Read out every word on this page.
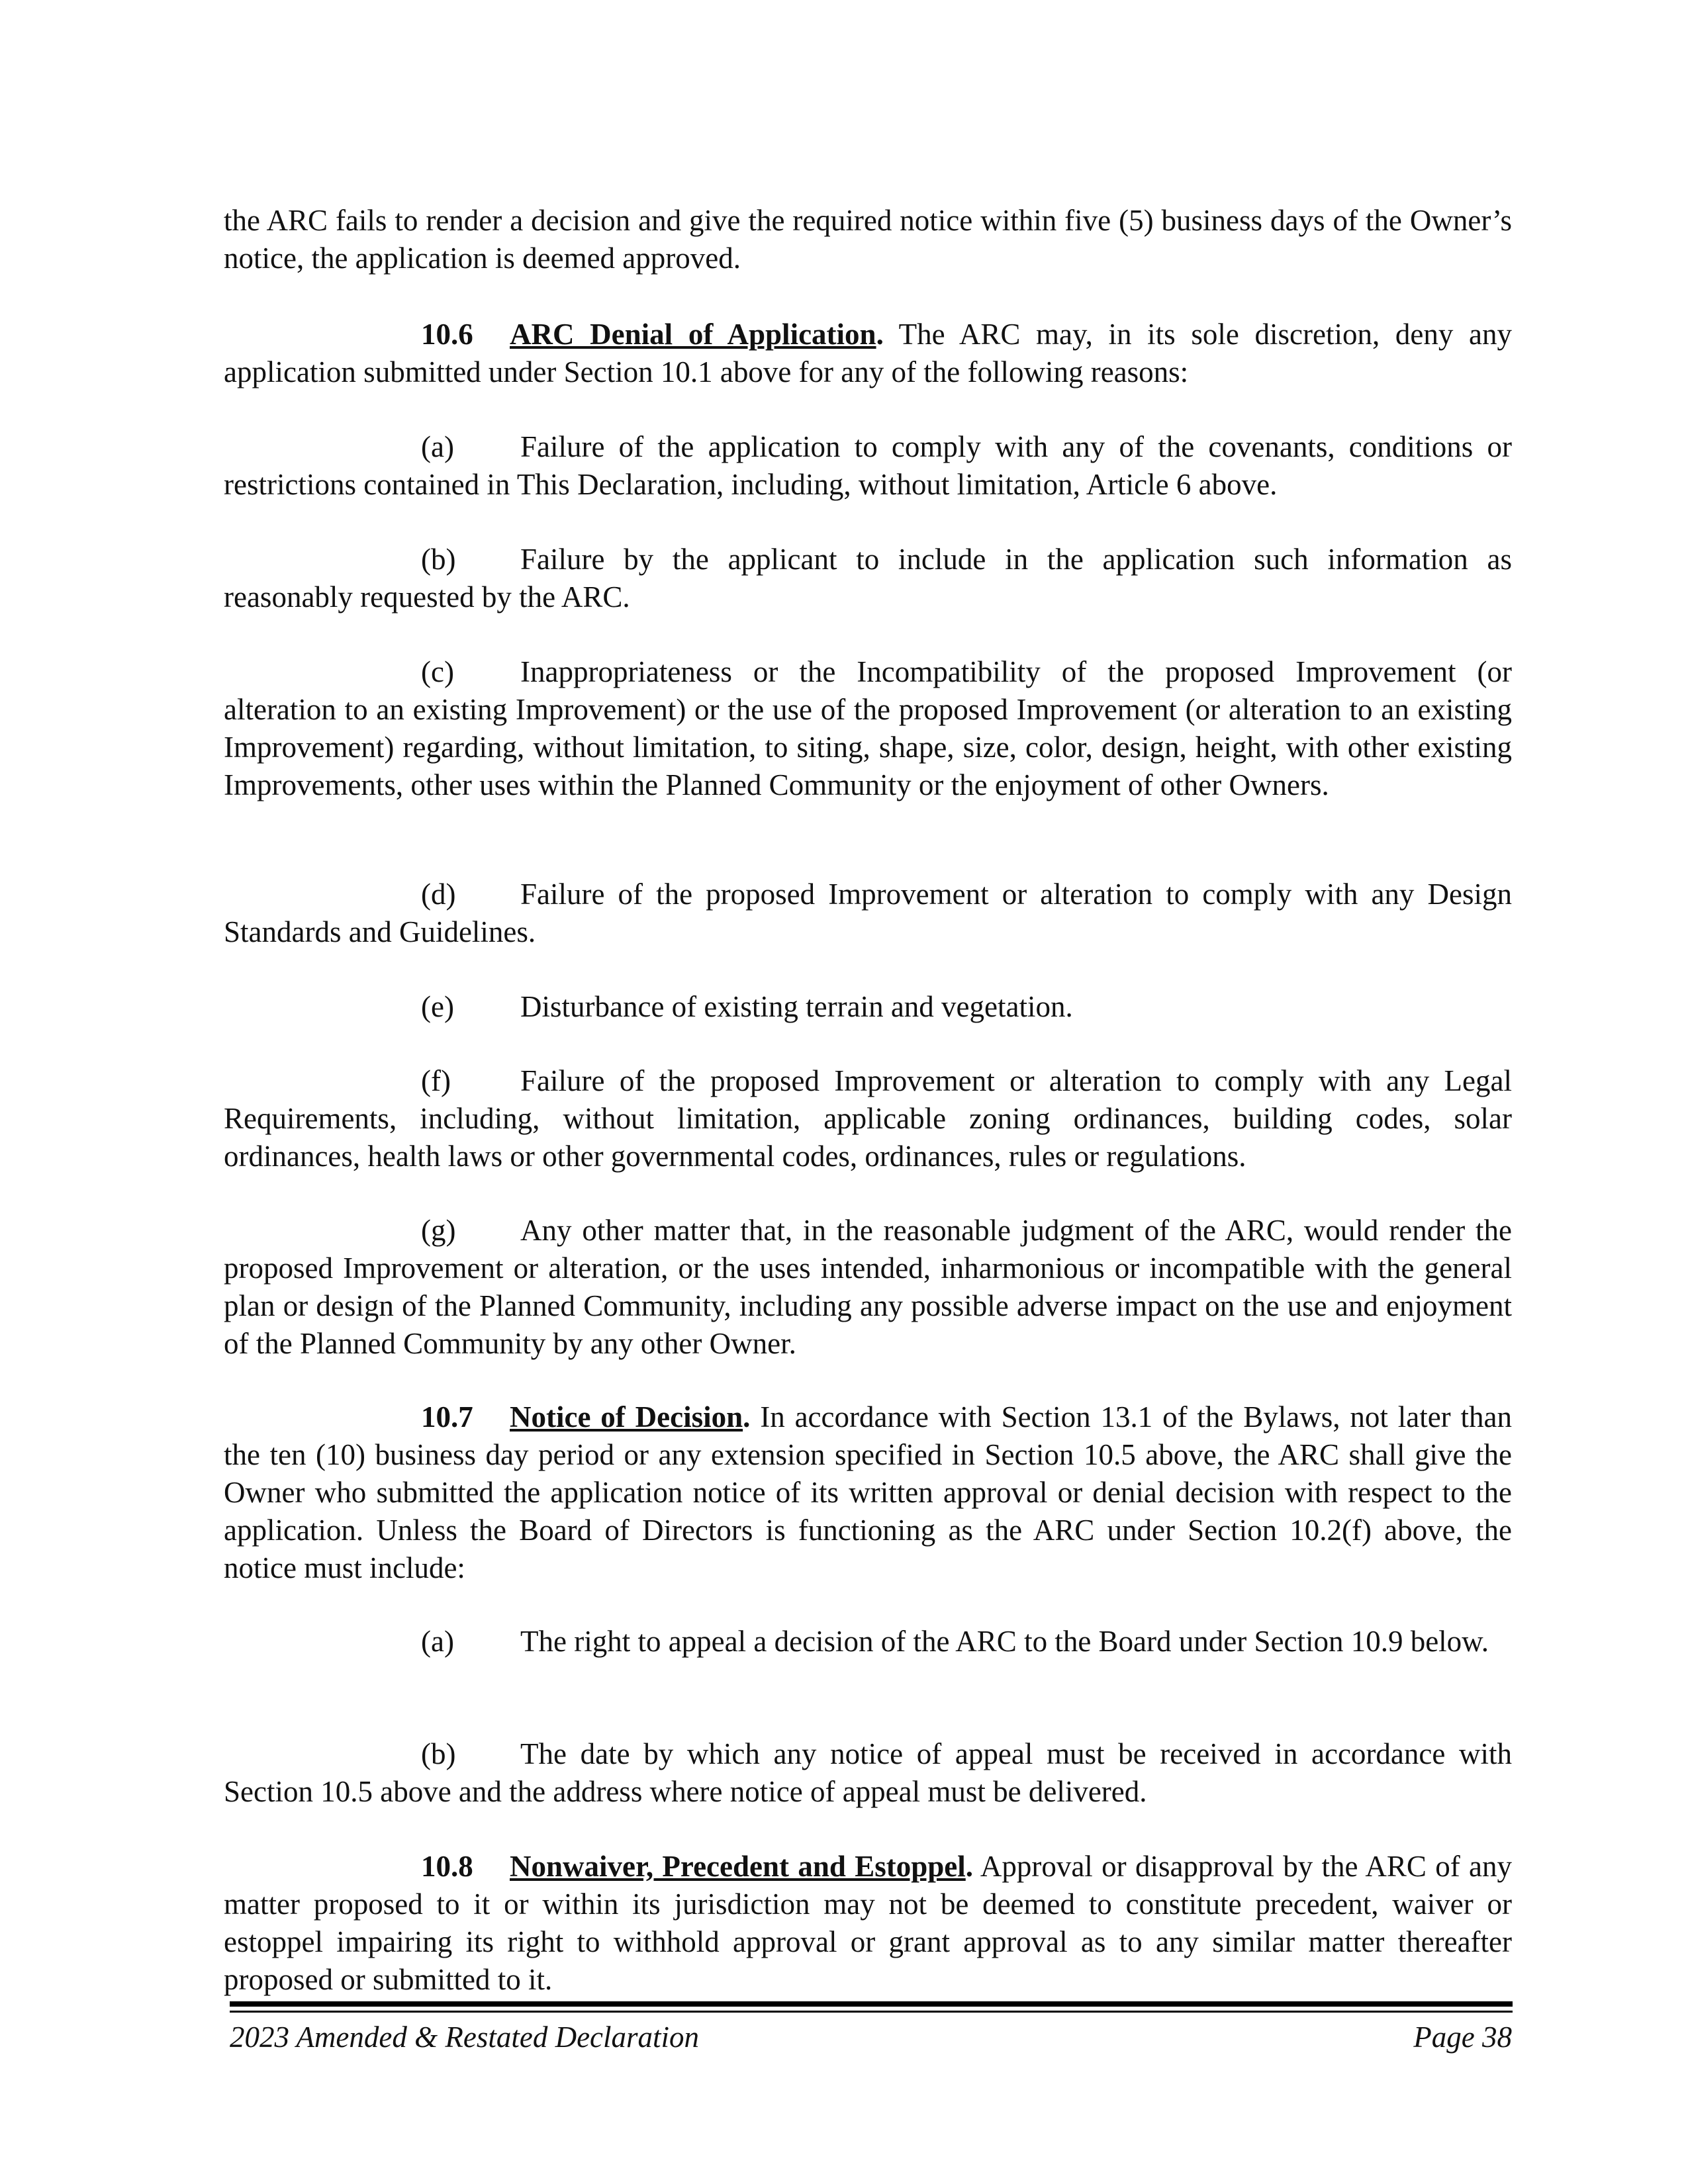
the ARC fails to render a decision and give the required notice within five (5) business days of the Owner’s notice, the application is deemed approved.

10.6 ARC Denial of Application. The ARC may, in its sole discretion, deny any application submitted under Section 10.1 above for any of the following reasons:

(a) Failure of the application to comply with any of the covenants, conditions or restrictions contained in This Declaration, including, without limitation, Article 6 above.

(b) Failure by the applicant to include in the application such information as reasonably requested by the ARC.

(c) Inappropriateness or the Incompatibility of the proposed Improvement (or alteration to an existing Improvement) or the use of the proposed Improvement (or alteration to an existing Improvement) regarding, without limitation, to siting, shape, size, color, design, height, with other existing Improvements, other uses within the Planned Community or the enjoyment of other Owners.

(d) Failure of the proposed Improvement or alteration to comply with any Design Standards and Guidelines.

(e) Disturbance of existing terrain and vegetation.

(f) Failure of the proposed Improvement or alteration to comply with any Legal Requirements, including, without limitation, applicable zoning ordinances, building codes, solar ordinances, health laws or other governmental codes, ordinances, rules or regulations.

(g) Any other matter that, in the reasonable judgment of the ARC, would render the proposed Improvement or alteration, or the uses intended, inharmonious or incompatible with the general plan or design of the Planned Community, including any possible adverse impact on the use and enjoyment of the Planned Community by any other Owner.

10.7 Notice of Decision. In accordance with Section 13.1 of the Bylaws, not later than the ten (10) business day period or any extension specified in Section 10.5 above, the ARC shall give the Owner who submitted the application notice of its written approval or denial decision with respect to the application. Unless the Board of Directors is functioning as the ARC under Section 10.2(f) above, the notice must include:

(a) The right to appeal a decision of the ARC to the Board under Section 10.9 below.

(b) The date by which any notice of appeal must be received in accordance with Section 10.5 above and the address where notice of appeal must be delivered.

10.8 Nonwaiver, Precedent and Estoppel. Approval or disapproval by the ARC of any matter proposed to it or within its jurisdiction may not be deemed to constitute precedent, waiver or estoppel impairing its right to withhold approval or grant approval as to any similar matter thereafter proposed or submitted to it.

2023 Amended & Restated Declaration	Page 38
